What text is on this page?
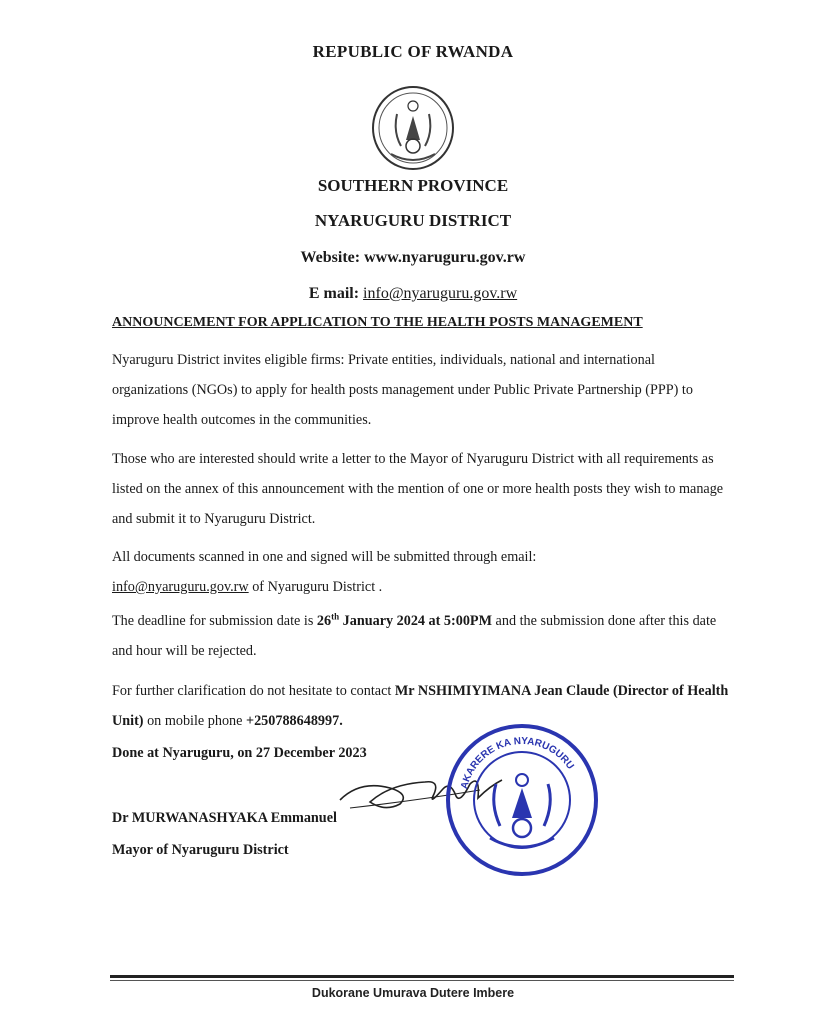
REPUBLIC OF RWANDA
SOUTHERN PROVINCE
NYARUGURU DISTRICT
Website: www.nyaruguru.gov.rw
E mail: info@nyaruguru.gov.rw
ANNOUNCEMENT FOR APPLICATION TO THE HEALTH POSTS MANAGEMENT

Nyaruguru District invites eligible firms: Private entities, individuals, national and international organizations (NGOs) to apply for health posts management under Public Private Partnership (PPP) to improve health outcomes in the communities.

Those who are interested should write a letter to the Mayor of Nyaruguru District with all requirements as listed on the annex of this announcement with the mention of one or more health posts they wish to manage and submit it to Nyaruguru District.

All documents scanned in one and signed will be submitted through email:
info@nyaruguru.gov.rw of Nyaruguru District .

The deadline for submission date is 26th January 2024 at 5:00PM and the submission done after this date and hour will be rejected.

For further clarification do not hesitate to contact Mr NSHIMIYIMANA Jean Claude (Director of Health Unit) on mobile phone +250788648997.

Done at Nyaruguru, on 27 December 2023
AKARERE KA NYARUGURU
Dr MURWANASHYAKA Emmanuel
Mayor of Nyaruguru District
Dukorane Umurava Dutere Imbere
